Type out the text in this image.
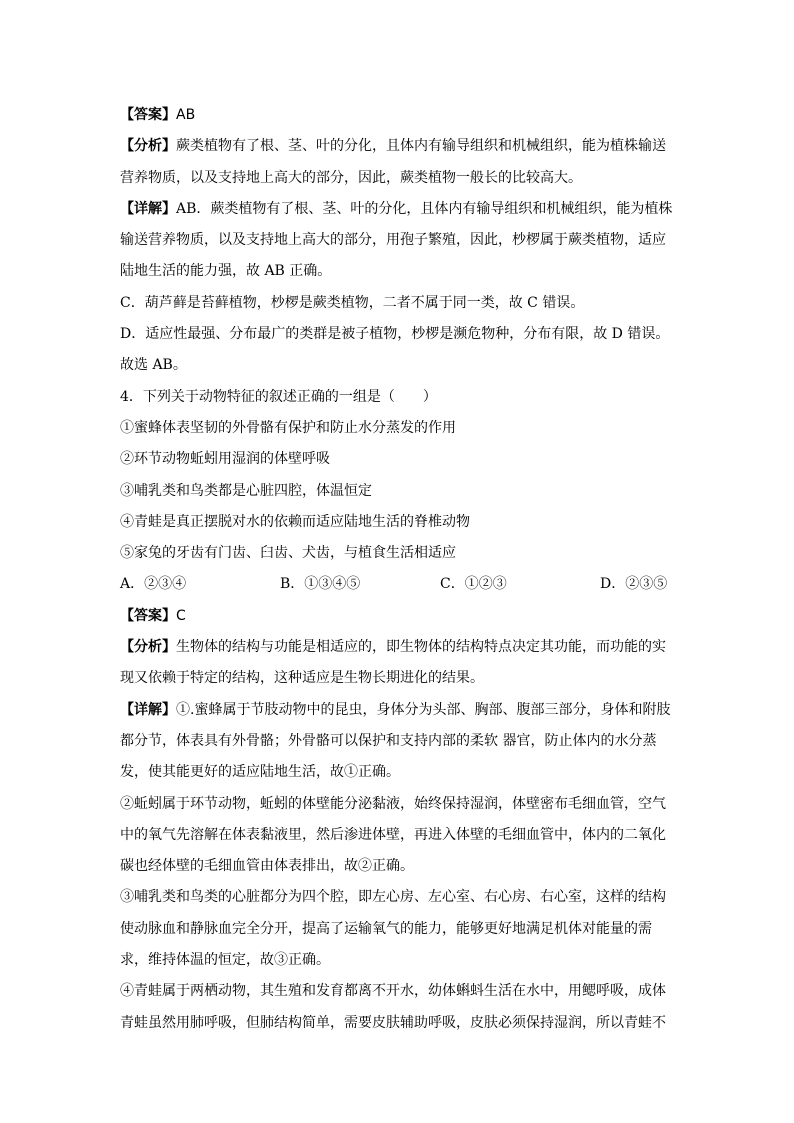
【答案】AB
【分析】蕨类植物有了根、茎、叶的分化，且体内有输导组织和机械组织，能为植株输送
营养物质，以及支持地上高大的部分，因此，蕨类植物一般长的比较高大。
【详解】AB．蕨类植物有了根、茎、叶的分化，且体内有输导组织和机械组织，能为植株
输送营养物质，以及支持地上高大的部分，用孢子繁殖，因此，杪椤属于蕨类植物，适应
陆地生活的能力强，故 AB 正确。
C．葫芦藓是苔藓植物，杪椤是蕨类植物，二者不属于同一类，故 C 错误。
D．适应性最强、分布最广的类群是被子植物，杪椤是濒危物种，分布有限，故 D 错误。
故选 AB。
4．下列关于动物特征的叙述正确的一组是（　　）
①蜜蜂体表坚韧的外骨骼有保护和防止水分蒸发的作用
②环节动物蚯蚓用湿润的体壁呼吸
③哺乳类和鸟类都是心脏四腔，体温恒定
④青蛙是真正摆脱对水的依赖而适应陆地生活的脊椎动物
⑤家兔的牙齿有门齿、臼齿、犬齿，与植食生活相适应
A．②③④	B．①③④⑤	C．①②③	D．②③⑤
【答案】C
【分析】生物体的结构与功能是相适应的，即生物体的结构特点决定其功能，而功能的实
现又依赖于特定的结构，这种适应是生物长期进化的结果。
【详解】①.蜜蜂属于节肢动物中的昆虫，身体分为头部、胸部、腹部三部分，身体和附肢
都分节，体表具有外骨骼；外骨骼可以保护和支持内部的柔软 器官，防止体内的水分蒸
发，使其能更好的适应陆地生活，故①正确。
②蚯蚓属于环节动物，蚯蚓的体壁能分泌黏液，始终保持湿润，体壁密布毛细血管，空气
中的氧气先溶解在体表黏液里，然后渗进体壁，再进入体壁的毛细血管中，体内的二氧化
碳也经体壁的毛细血管由体表排出，故②正确。
③哺乳类和鸟类的心脏都分为四个腔，即左心房、左心室、右心房、右心室，这样的结构
使动脉血和静脉血完全分开，提高了运输氧气的能力，能够更好地满足机体对能量的需
求，维持体温的恒定，故③正确。
④青蛙属于两栖动物，其生殖和发育都离不开水，幼体蝌蚪生活在水中，用鳃呼吸，成体
青蛙虽然用肺呼吸，但肺结构简单，需要皮肤辅助呼吸，皮肤必须保持湿润，所以青蛙不
